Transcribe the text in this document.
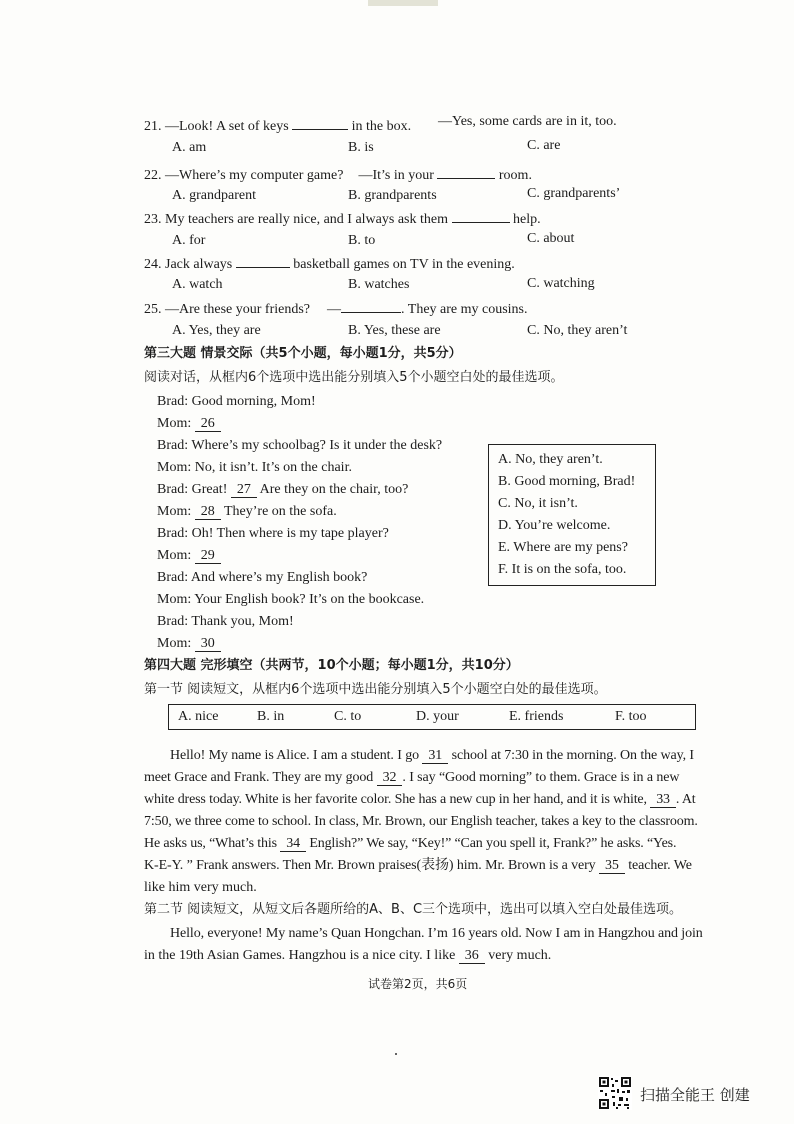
21. —Look! A set of keys	in the box. —Yes, some cards are in it, too.
A. am	B. is	C. are
22. —Where’s my computer game? —It’s in your	room.
A. grandparent	B. grandparents	C. grandparents’
23. My teachers are really nice, and I always ask them	help.
A. for	B. to	C. about
24. Jack always	basketball games on TV in the evening.
A. watch	B. watches	C. watching
25. —Are these your friends? —	. They are my cousins.
A. Yes, they are	B. Yes, these are	C. No, they aren’t
第三大题 情景交际（共5个小题，每小题1分，共5分）
阅读对话，从框内6个选项中选出能分别填入5个小题空白处的最佳选项。
Brad: Good morning, Mom!
Mom: 26
Brad: Where’s my schoolbag? Is it under the desk?
Mom: No, it isn’t. It’s on the chair.
Brad: Great! 27 Are they on the chair, too?
Mom: 28 They’re on the sofa.
Brad: Oh! Then where is my tape player?
Mom: 29
Brad: And where’s my English book?
Mom: Your English book? It’s on the bookcase.
Brad: Thank you, Mom!
Mom: 30
A. No, they aren’t.
B. Good morning, Brad!
C. No, it isn’t.
D. You’re welcome.
E. Where are my pens?
F. It is on the sofa, too.
第四大题 完形填空（共两节，10个小题；每小题1分，共10分）
第一节 阅读短文，从框内6个选项中选出能分别填入5个小题空白处的最佳选项。
A. nice	B. in	C. to	D. your	E. friends	F. too
Hello! My name is Alice. I am a student. I go 31 school at 7:30 in the morning. On the way, I
meet Grace and Frank. They are my good 32 . I say “Good morning” to them. Grace is in a new
white dress today. White is her favorite color. She has a new cup in her hand, and it is white, 33 . At
7:50, we three come to school. In class, Mr. Brown, our English teacher, takes a key to the classroom.
He asks us, “What’s this 34 English?” We say, “Key!” “Can you spell it, Frank?” he asks. “Yes.
K-E-Y. ” Frank answers. Then Mr. Brown praises(表扬) him. Mr. Brown is a very 35 teacher. We
like him very much.
第二节 阅读短文，从短文后各题所给的A、B、C三个选项中，选出可以填入空白处最佳选项。
Hello, everyone! My name’s Quan Hongchan. I’m 16 years old. Now I am in Hangzhou and join
in the 19th Asian Games. Hangzhou is a nice city. I like 36 very much.
试卷第2页，共6页
扫描全能王 创建
